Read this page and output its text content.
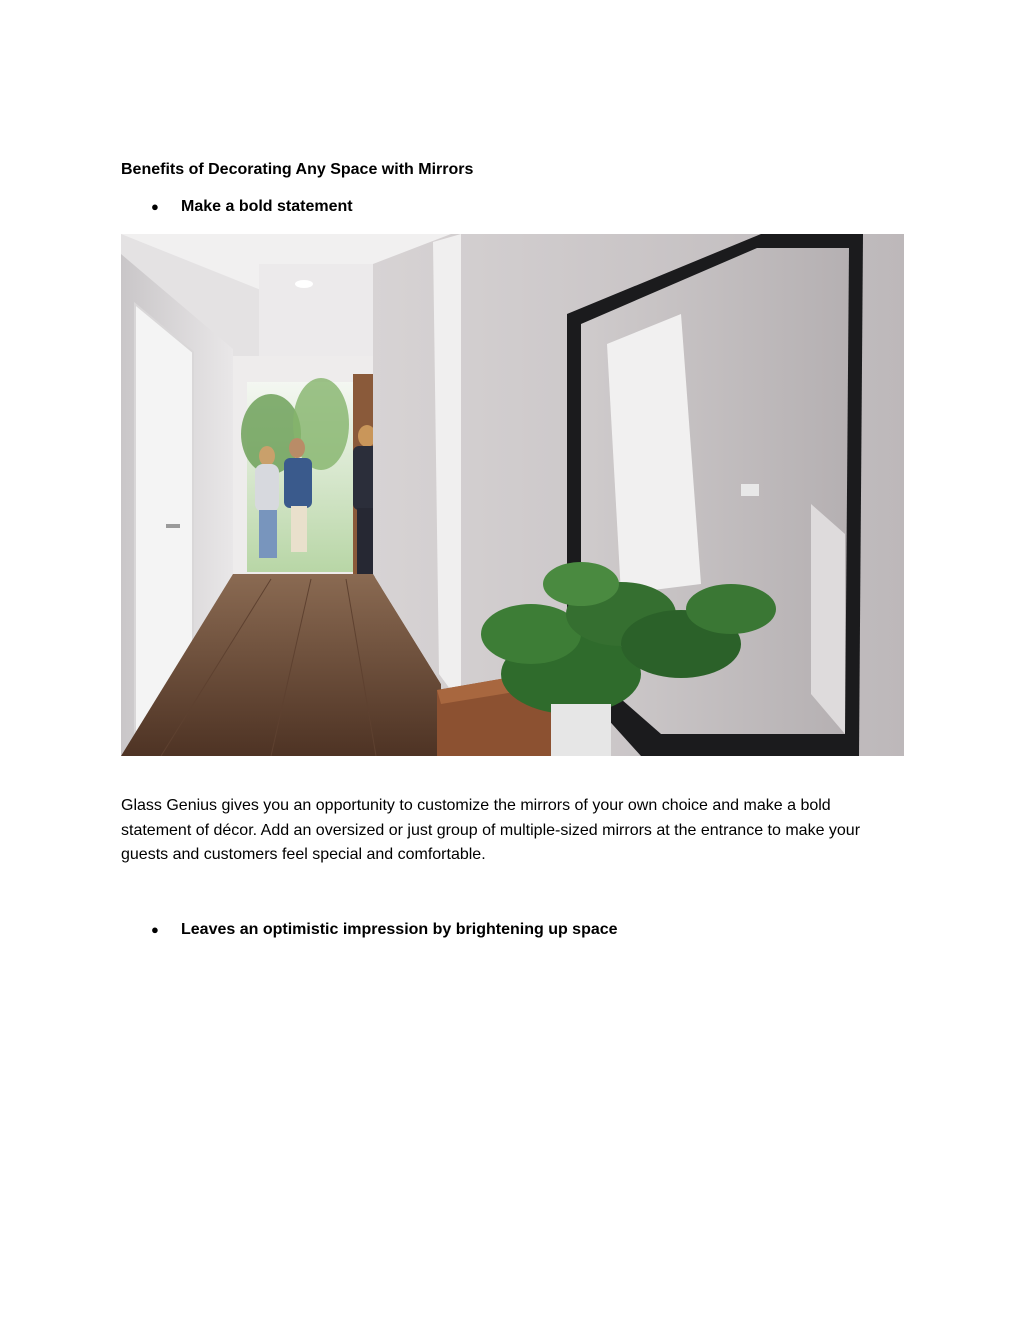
Benefits of Decorating Any Space with Mirrors
●	Make a bold statement

Glass Genius gives you an opportunity to customize the mirrors of your own choice and make a bold statement of décor. Add an oversized or just group of multiple-sized mirrors at the entrance to make your guests and customers feel special and comfortable.

●	Leaves an optimistic impression by brightening up space
